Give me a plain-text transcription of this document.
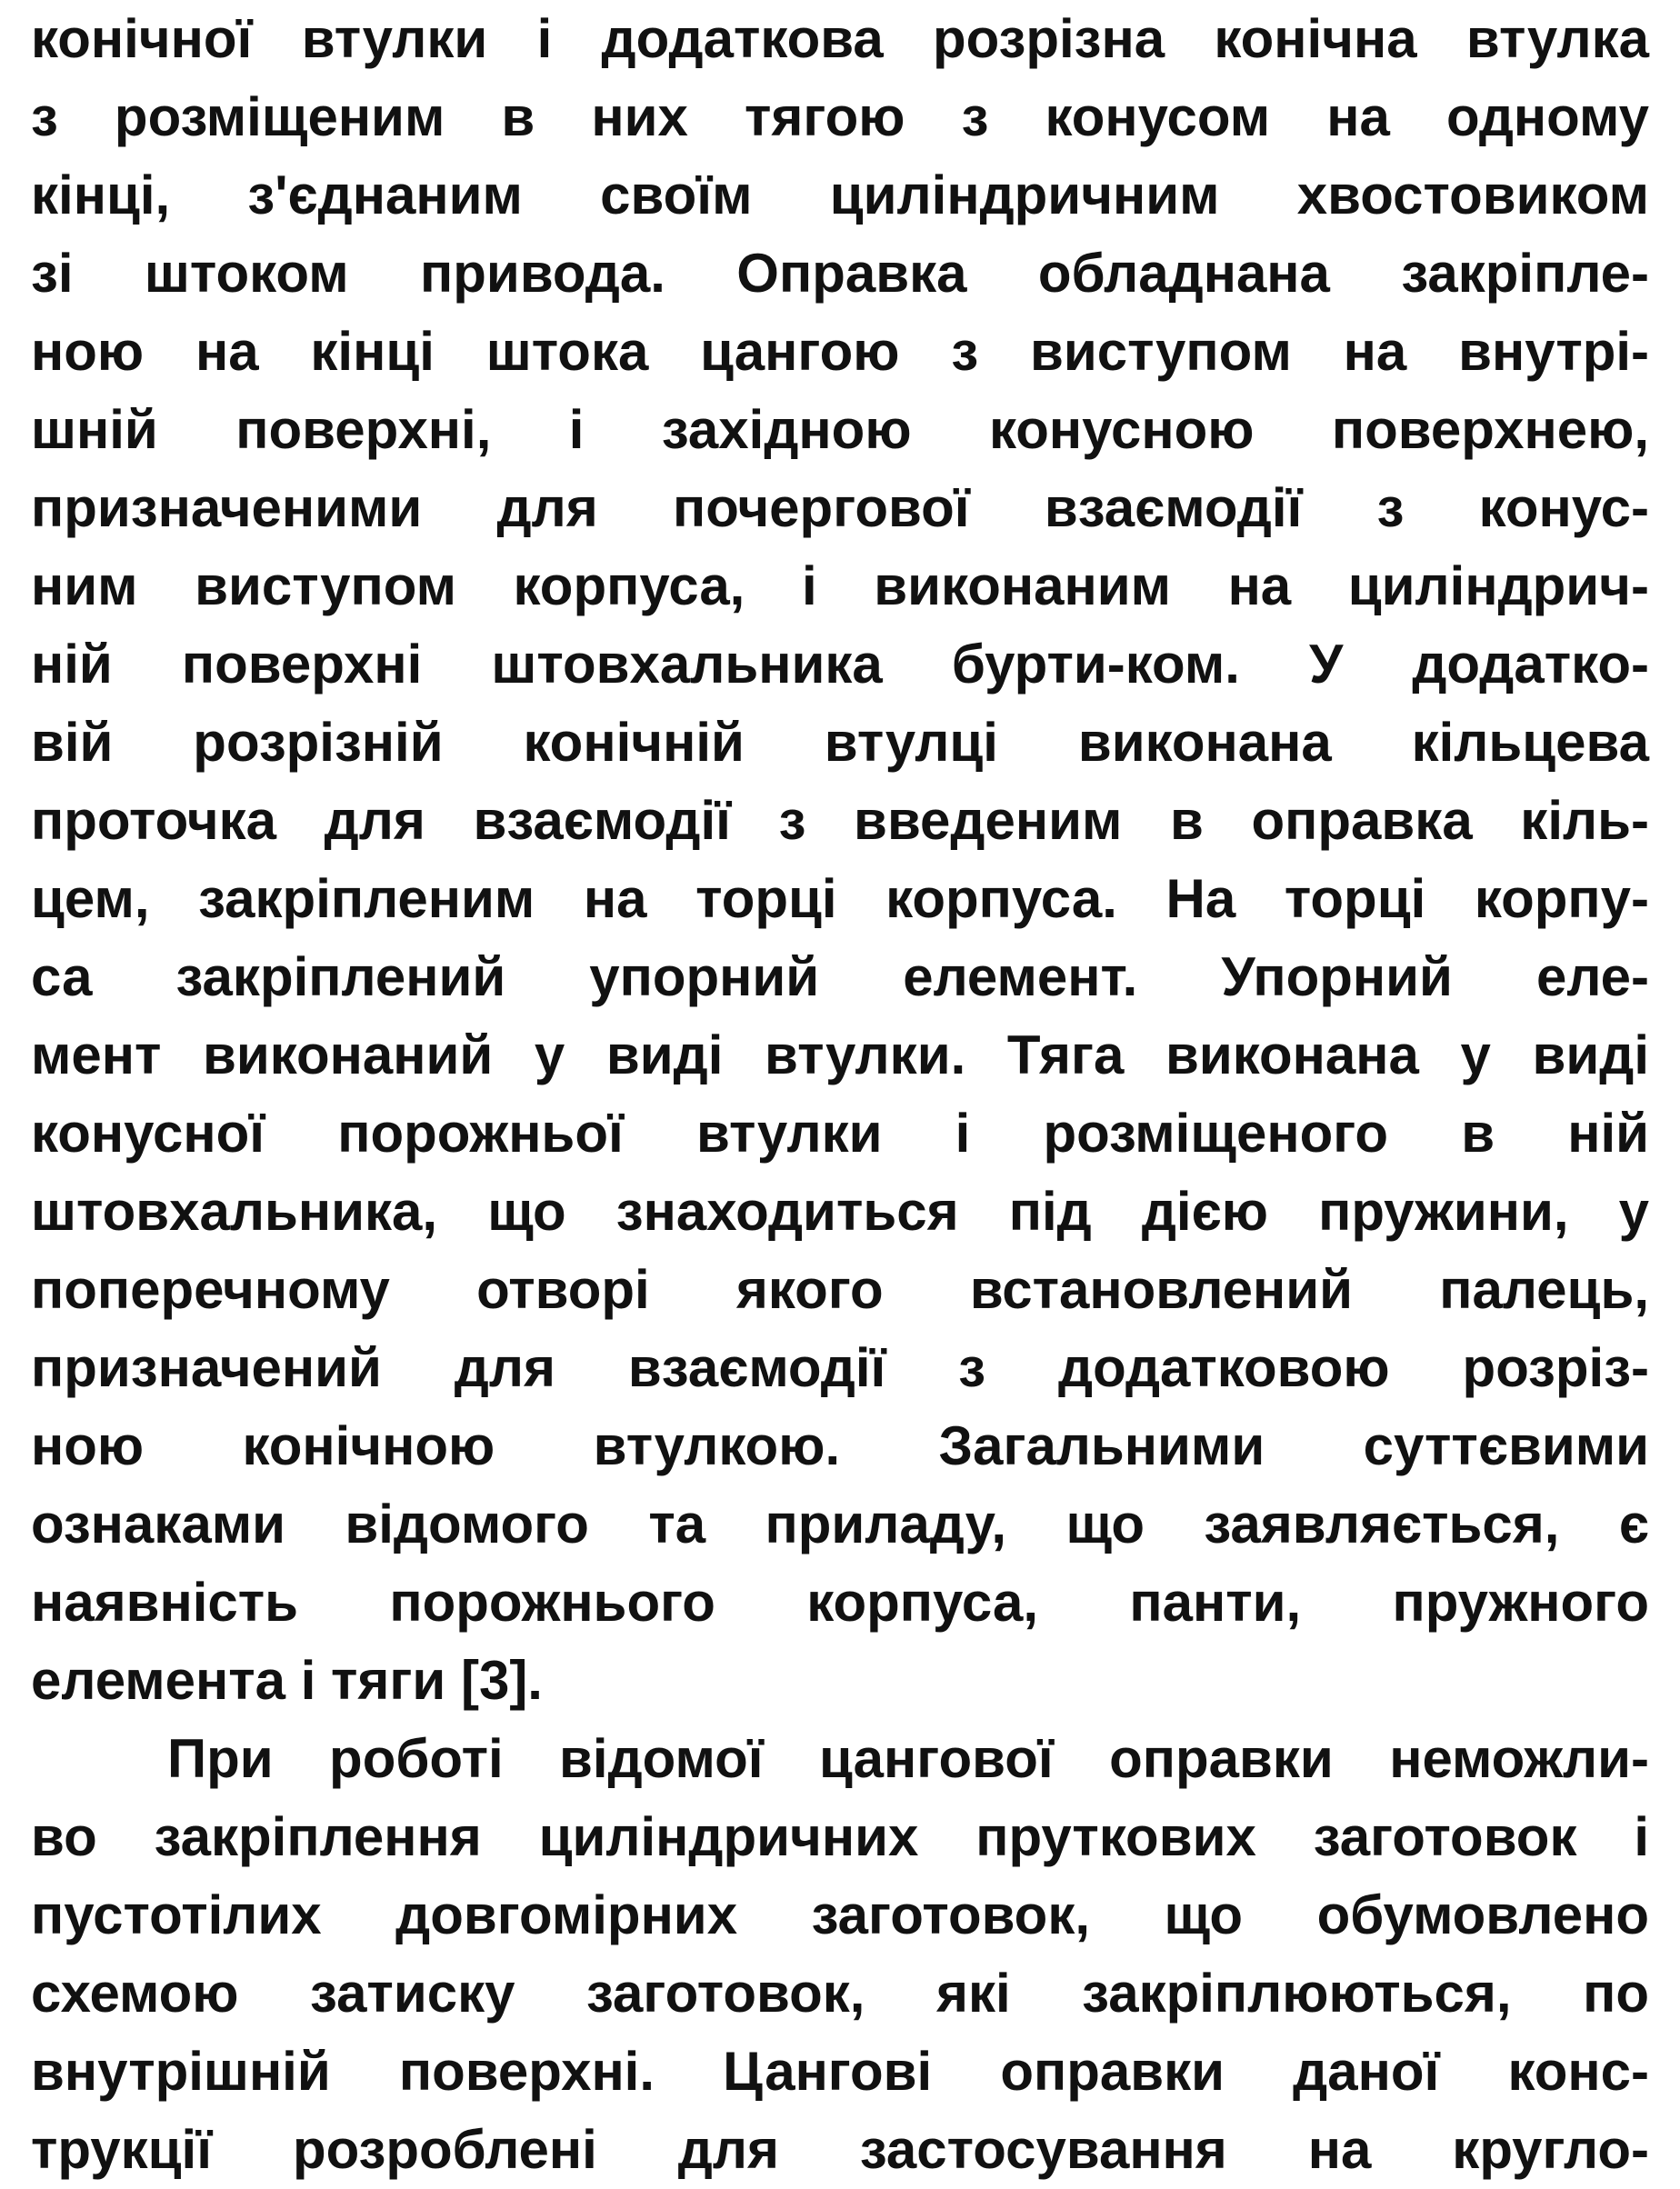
конічної втулки і додаткова розрізна конічна втулка
з розміщеним в них тягою з конусом на одному
кінці, з'єднаним своїм циліндричним хвостовиком
зі штоком привода. Оправка обладнана закріпле-
ною на кінці штока цангою з виступом на внутрі-
шній поверхні, і західною конусною поверхнею,
призначеними для почергової взаємодії з конус-
ним виступом корпуса, і виконаним на циліндрич-
ній поверхні штовхальника бурти-ком. У додатко-
вій розрізній конічній втулці виконана кільцева
проточка для взаємодії з введеним в оправка кіль-
цем, закріпленим на торці корпуса. На торці корпу-
са закріплений упорний елемент. Упорний еле-
мент виконаний у виді втулки. Тяга виконана у виді
конусної порожньої втулки і розміщеного в ній
штовхальника, що знаходиться під дією пружини, у
поперечному отворі якого встановлений палець,
призначений для взаємодії з додатковою розріз-
ною конічною втулкою. Загальними суттєвими
ознаками відомого та приладу, що заявляється, є
наявність порожнього корпуса, панти, пружного
елемента і тяги [3].
При роботі відомої цангової оправки неможли-
во закріплення циліндричних пруткових заготовок і
пустотілих довгомірних заготовок, що обумовлено
схемою затиску заготовок, які закріплюються, по
внутрішній поверхні. Цангові оправки даної конс-
трукції розроблені для застосування на кругло-
